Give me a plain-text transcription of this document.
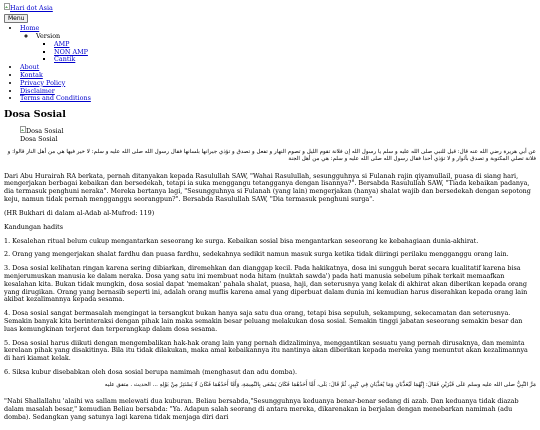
Hari dot Asia
Menu
• Home
◦ Version
▪ AMP
▪ NON AMP
▪ Cantik
• About
• Kontak
• Privacy Policy
• Disclaimer
• Terms and Conditions
Dosa Sosial
Dosa Sosial
Dosa Sosial

عن أبي هريرة رضي الله عنه قال: قيل للنبي صلى الله عليه و سلم يا رسول الله إن فلانة تقوم الليل و تصوم النهار و تفعل و تصدق و تؤذي جيرانها بلسانها فقال رسول الله صلى الله عليه و سلم: لا خير فيها هي من أهل النار قالوا: و فلانة تصلي المكتوبة و تصدق بأثوار و لا تؤذي أحدا فقال رسول الله صلى الله عليه و سلم: هي من أهل الجنة

Dari Abu Hurairah RA berkata, pernah ditanyakan kepada Rasulullah SAW, "Wahai Rasulullah, sesungguhnya si Fulanah rajin qiyamullail, puasa di siang hari, mengerjakan berbagai kebaikan dan bersedekah, tetapi ia suka menggangu tetangganya dengan lisannya?". Bersabda Rasulullah SAW, "Tiada kebaikan padanya, dia termasuk penghuni neraka". Mereka bertanya lagi, "Sesungguhnya si Fulanah (yang lain) mengerjakan (hanya) shalat wajib dan bersedekah dengan sepotong keju, namun tidak pernah mengganggu seorangpun?". Bersabda Rasulullah SAW, "Dia termasuk penghuni surga".

(HR Bukhari di dalam al-Adab al-Mufrod: 119)

Kandungan hadits

1. Kesalehan ritual belum cukup mengantarkan seseorang ke surga. Kebaikan sosial bisa mengantarkan seseorang ke kebahagiaan dunia-akhirat.

2. Orang yang mengerjakan shalat fardhu dan puasa fardhu, sedekahnya sedikit namun masuk surga ketika tidak diiringi perilaku mengganggu orang lain.

3. Dosa sosial kelihatan ringan karena sering dibiarkan, diremehkan dan dianggap kecil. Pada hakikatnya, dosa ini sungguh berat secara kualitatif karena bisa menjerumuskan manusia ke dalam neraka. Dosa yang satu ini membuat noda hitam (nuktah sawda') pada hati manusia sebelum pihak terkait memaafkan kesalahan kita. Bukan tidak mungkin, dosa sosial dapat 'memakan' pahala shalat, puasa, haji, dan seterusnya yang kelak di akhirat akan diberikan kepada orang yang dirugikan. Orang yang bernasib seperti ini, adalah orang muflis karena amal yang diperbuat dalam dunia ini kemudian harus diserahkan kepada orang lain akibat kezalimannya kepada sesama.

4. Dosa sosial sangat bermasalah mengingat ia tersangkut bukan hanya saja satu dua orang, tetapi bisa sepuluh, sekampung, sekecamatan dan seterusnya. Semakin banyak kita berinteraksi dengan pihak lain maka semakin besar peluang melakukan dosa sosial. Semakin tinggi jabatan seseorang semakin besar dan luas kemungkinan terjerat dan terperangkap dalam dosa sesama.

5. Dosa sosial harus diikuti dengan mengembalikan hak-hak orang lain yang pernah didzaliminya, menggantikan sesuatu yang pernah dirusaknya, dan meminta kerelaan pihak yang disakitinya. Bila itu tidak dilakukan, maka amal kebaikannya itu nantinya akan diberikan kepada mereka yang menuntut akan kezalimannya di hari kiamat kelak.

6. Siksa kubur disebabkan oleh dosa sosial berupa namimah (menghasut dan adu domba).

مَرَّ النَّبِيُّ صلى الله عليه وسلم عَلَى قَبْرَيْنِ فَقَالَ: إِنَّهُمَا لَيُعَذَّبَانِ وَمَا يُعَذَّبَانِ فِي كَبِيرٍ، ثُمَّ قَالَ: بَلَى، أَمَّا أَحَدُهُمَا فَكَانَ يَسْعَى بِالنَّمِيمَةِ، وَأَمَّا أَحَدُهُمَا فَكَانَ لَا يَسْتَتِرُ مِنْ بَوْلِهِ ... الحديث . متفق عليه

"Nabi Shallallahu 'alaihi wa sallam melewati dua kuburan. Beliau bersabda,"Sesungguhnya keduanya benar-benar sedang di azab. Dan keduanya tidak diazab dalam masalah besar," kemudian Beliau bersabda: "Ya. Adapun salah seorang di antara mereka, dikarenakan ia berjalan dengan menebarkan namimah (adu domba). Sedangkan yang satunya lagi karena tidak menjaga diri dari
